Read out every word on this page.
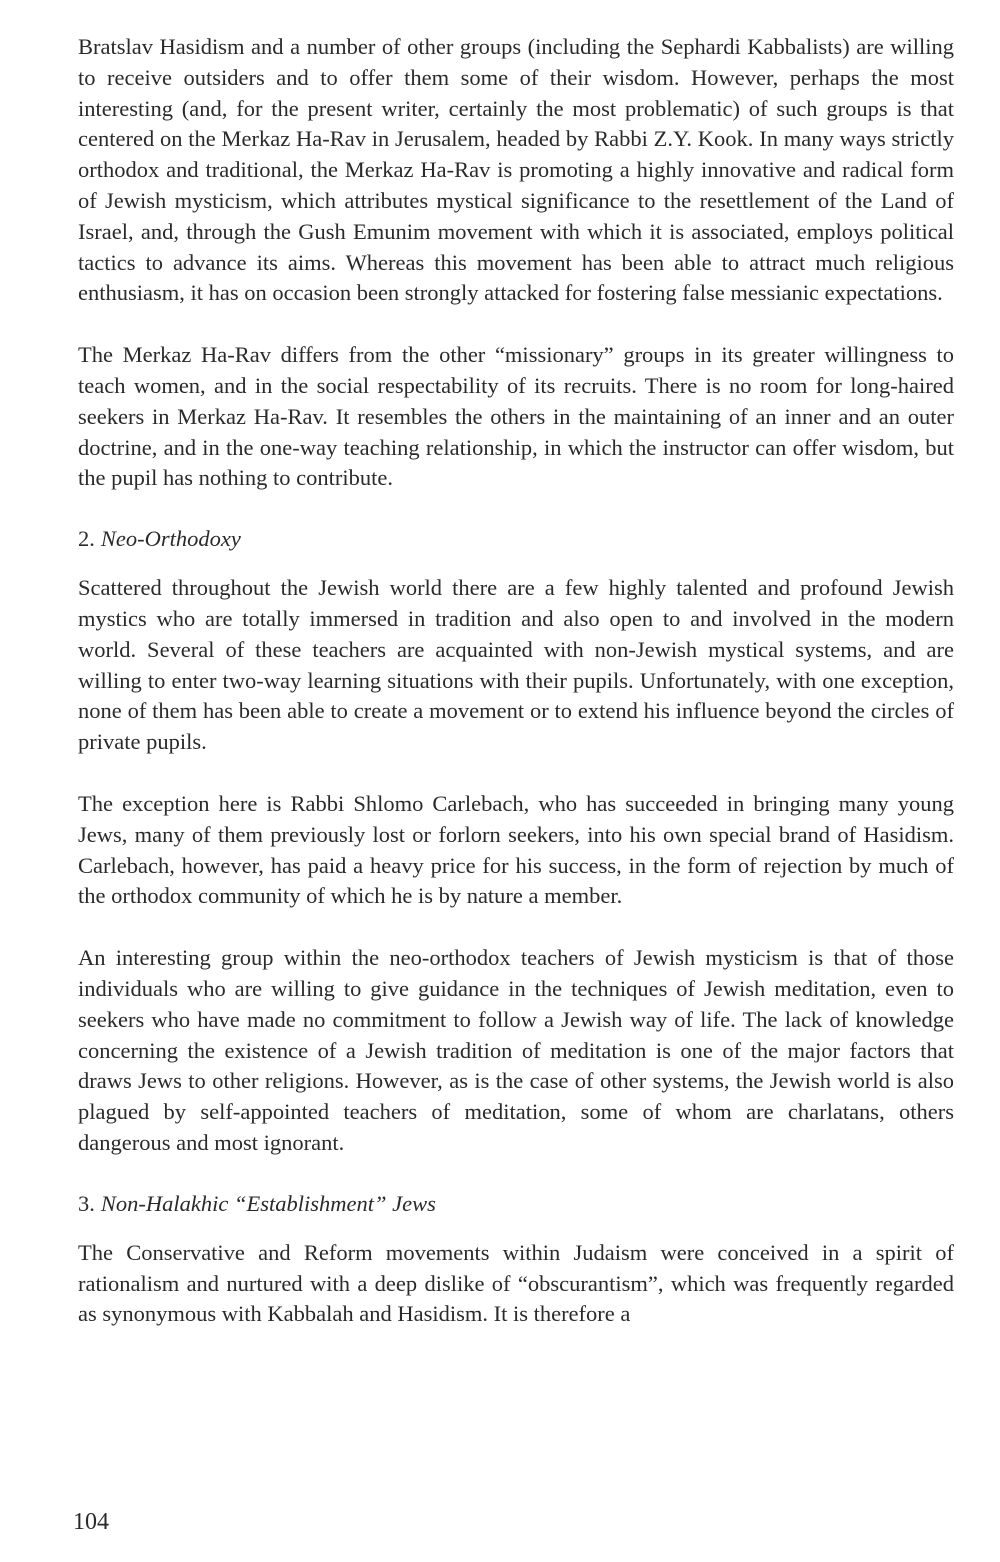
Bratslav Hasidism and a number of other groups (including the Sephardi Kabbalists) are willing to receive outsiders and to offer them some of their wisdom. However, perhaps the most interesting (and, for the present writer, certainly the most problematic) of such groups is that centered on the Merkaz Ha-Rav in Jerusalem, headed by Rabbi Z.Y. Kook. In many ways strictly orthodox and traditional, the Merkaz Ha-Rav is promoting a highly innovative and radical form of Jewish mysticism, which attributes mystical significance to the resettlement of the Land of Israel, and, through the Gush Emunim movement with which it is associated, employs political tactics to advance its aims. Whereas this movement has been able to attract much religious enthusiasm, it has on occasion been strongly attacked for fostering false messianic expectations.

The Merkaz Ha-Rav differs from the other “missionary” groups in its greater willingness to teach women, and in the social respectability of its recruits. There is no room for long-haired seekers in Merkaz Ha-Rav. It resembles the others in the maintaining of an inner and an outer doctrine, and in the one-way teaching relationship, in which the instructor can offer wisdom, but the pupil has nothing to contribute.

2. Neo-Orthodoxy

Scattered throughout the Jewish world there are a few highly talented and profound Jewish mystics who are totally immersed in tradition and also open to and involved in the modern world. Several of these teachers are acquainted with non-Jewish mystical systems, and are willing to enter two-way learning situations with their pupils. Unfortunately, with one exception, none of them has been able to create a movement or to extend his influence beyond the circles of private pupils.

The exception here is Rabbi Shlomo Carlebach, who has succeeded in bringing many young Jews, many of them previously lost or forlorn seekers, into his own special brand of Hasidism. Carlebach, however, has paid a heavy price for his success, in the form of rejection by much of the orthodox community of which he is by nature a member.

An interesting group within the neo-orthodox teachers of Jewish mysticism is that of those individuals who are willing to give guidance in the techniques of Jewish meditation, even to seekers who have made no commitment to follow a Jewish way of life. The lack of knowledge concerning the existence of a Jewish tradition of meditation is one of the major factors that draws Jews to other religions. However, as is the case of other systems, the Jewish world is also plagued by self-appointed teachers of meditation, some of whom are charlatans, others dangerous and most ignorant.

3. Non-Halakhic “Establishment” Jews

The Conservative and Reform movements within Judaism were conceived in a spirit of rationalism and nurtured with a deep dislike of “obscurantism”, which was frequently regarded as synonymous with Kabbalah and Hasidism. It is therefore a

104
